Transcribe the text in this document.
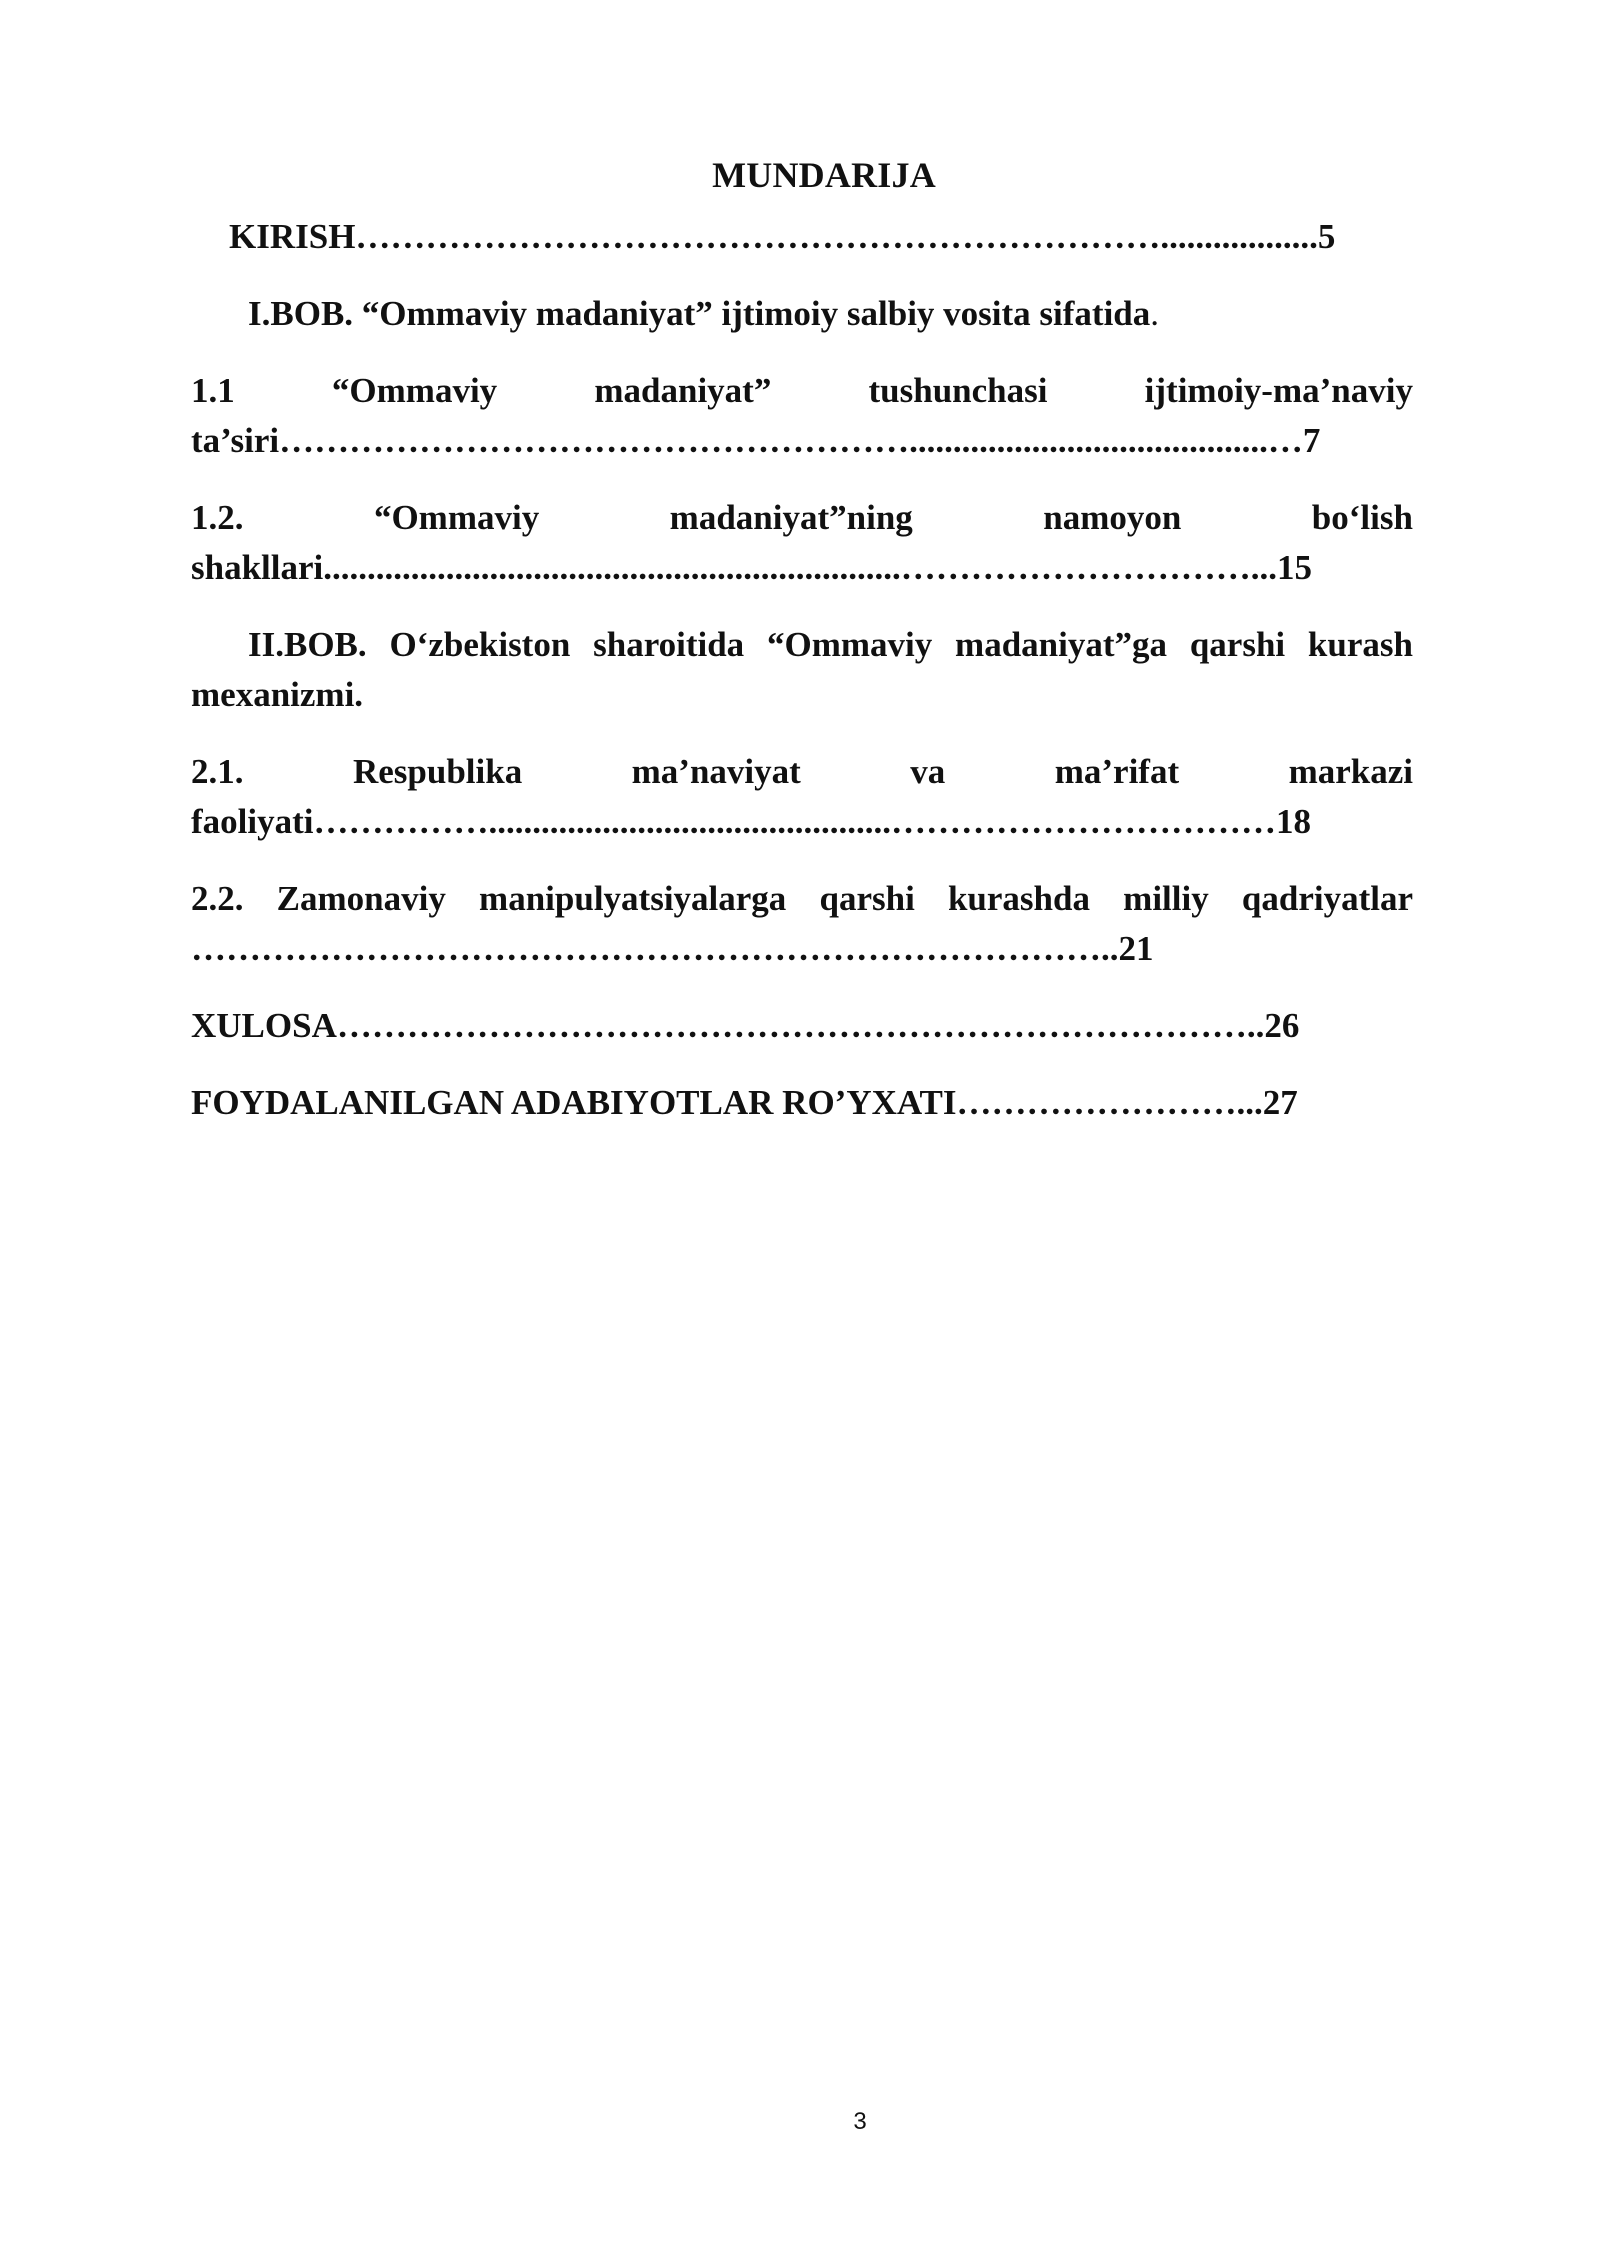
MUNDARIJA
KIRISH……………………………………………………………..................5
I.BOB. “Ommaviy madaniyat” ijtimoiy salbiy vosita sifatida.
1.1	“Ommaviy	madaniyat”	tushunchasi	ijtimoiy-ma’naviy
ta’siri……………………………………………….........................................…7
1.2.	“Ommaviy	madaniyat”ning	namoyon	bo‘lish
shakllari..................................................................…………………………...15
II.BOB. O‘zbekiston sharoitida “Ommaviy madaniyat”ga qarshi kurash mexanizmi.
2.1.	Respublika	ma’naviyat	va	ma’rifat	markazi
faoliyati……………..............................................……………………………18
2.2. Zamonaviy manipulyatsiyalarga qarshi kurashda milliy qadriyatlar
……………………………………………………………………..21
XULOSA……………………………………………………………………..26
FOYDALANILGAN ADABIYOTLAR RO’YXATI……………………...27
3
